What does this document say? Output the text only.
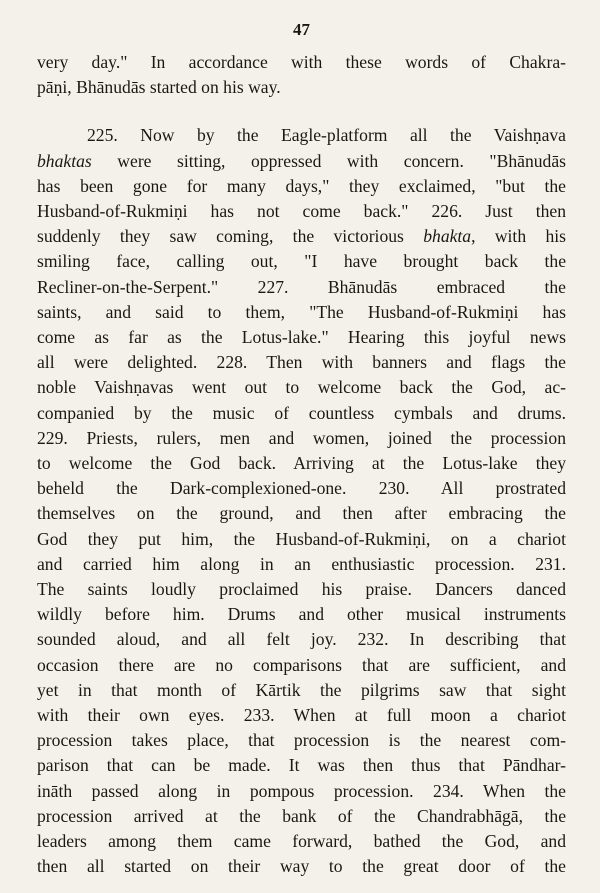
47
very day." In accordance with these words of Chakra-
pāṇi, Bhānudās started on his way.
225. Now by the Eagle-platform all the Vaishṇava
bhaktas were sitting, oppressed with concern. "Bhānudās
has been gone for many days," they exclaimed, "but the
Husband-of-Rukmiṇi has not come back." 226. Just then
suddenly they saw coming, the victorious bhakta, with his
smiling face, calling out, "I have brought back the
Recliner-on-the-Serpent." 227. Bhānudās embraced the
saints, and said to them, "The Husband-of-Rukmiṇi has
come as far as the Lotus-lake." Hearing this joyful news
all were delighted. 228. Then with banners and flags the
noble Vaishṇavas went out to welcome back the God, ac-
companied by the music of countless cymbals and drums.
229. Priests, rulers, men and women, joined the procession
to welcome the God back. Arriving at the Lotus-lake they
beheld the Dark-complexioned-one. 230. All prostrated
themselves on the ground, and then after embracing the
God they put him, the Husband-of-Rukmiṇi, on a chariot
and carried him along in an enthusiastic procession. 231.
The saints loudly proclaimed his praise. Dancers danced
wildly before him. Drums and other musical instruments
sounded aloud, and all felt joy. 232. In describing that
occasion there are no comparisons that are sufficient, and
yet in that month of Kārtik the pilgrims saw that sight
with their own eyes. 233. When at full moon a chariot
procession takes place, that procession is the nearest com-
parison that can be made. It was then thus that Pāndhar-
ināth passed along in pompous procession. 234. When the
procession arrived at the bank of the Chandrabhāgā, the
leaders among them came forward, bathed the God, and
then all started on their way to the great door of the
